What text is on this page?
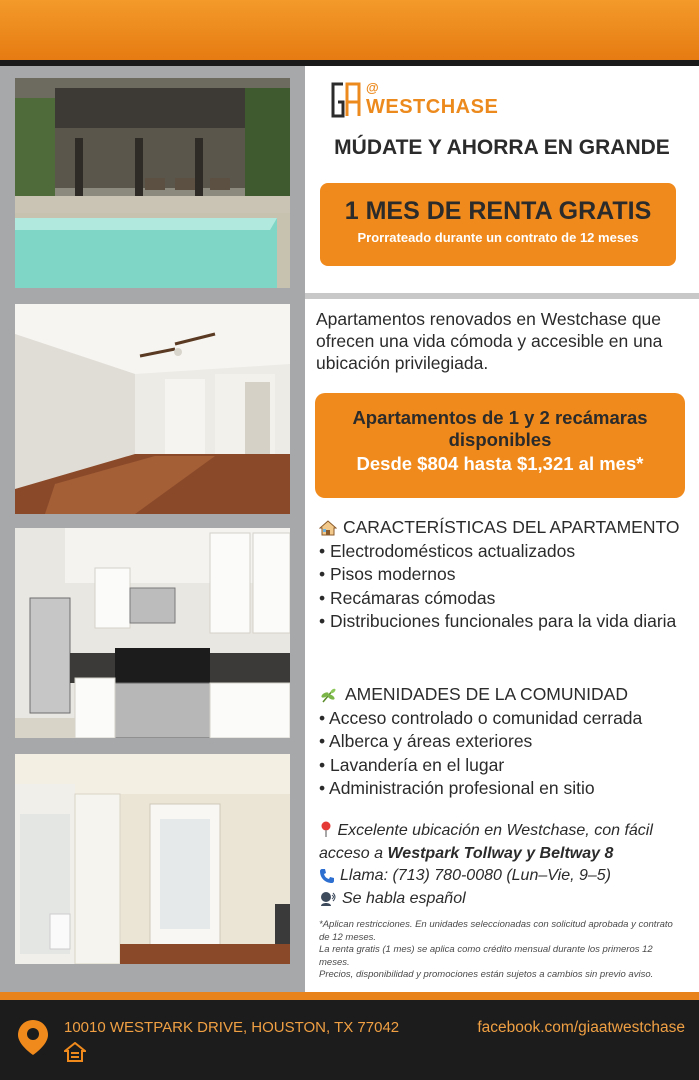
@
WESTCHASE
MÚDATE Y AHORRA EN GRANDE
1 MES DE RENTA GRATIS
Prorrateado durante un contrato de 12 meses
Apartamentos renovados en Westchase que ofrecen una vida cómoda y accesible en una ubicación privilegiada.
Apartamentos de 1 y 2 recámaras disponibles
Desde $804 hasta $1,321 al mes*
CARACTERÍSTICAS DEL APARTAMENTO
• Electrodomésticos actualizados
• Pisos modernos
• Recámaras cómodas
• Distribuciones funcionales para la vida diaria
AMENIDADES DE LA COMUNIDAD
• Acceso controlado o comunidad cerrada
• Alberca y áreas exteriores
• Lavandería en el lugar
• Administración profesional en sitio
Excelente ubicación en Westchase, con fácil acceso a Westpark Tollway y Beltway 8
Llama: (713) 780-0080 (Lun–Vie, 9–5)
Se habla español

*Aplican restricciones. En unidades seleccionadas con solicitud aprobada y contrato de 12 meses.

La renta gratis (1 mes) se aplica como crédito mensual durante los primeros 12 meses.

Precios, disponibilidad y promociones están sujetos a cambios sin previo aviso.

10010 WESTPARK DRIVE, HOUSTON, TX 77042	facebook.com/giaatwestchase
